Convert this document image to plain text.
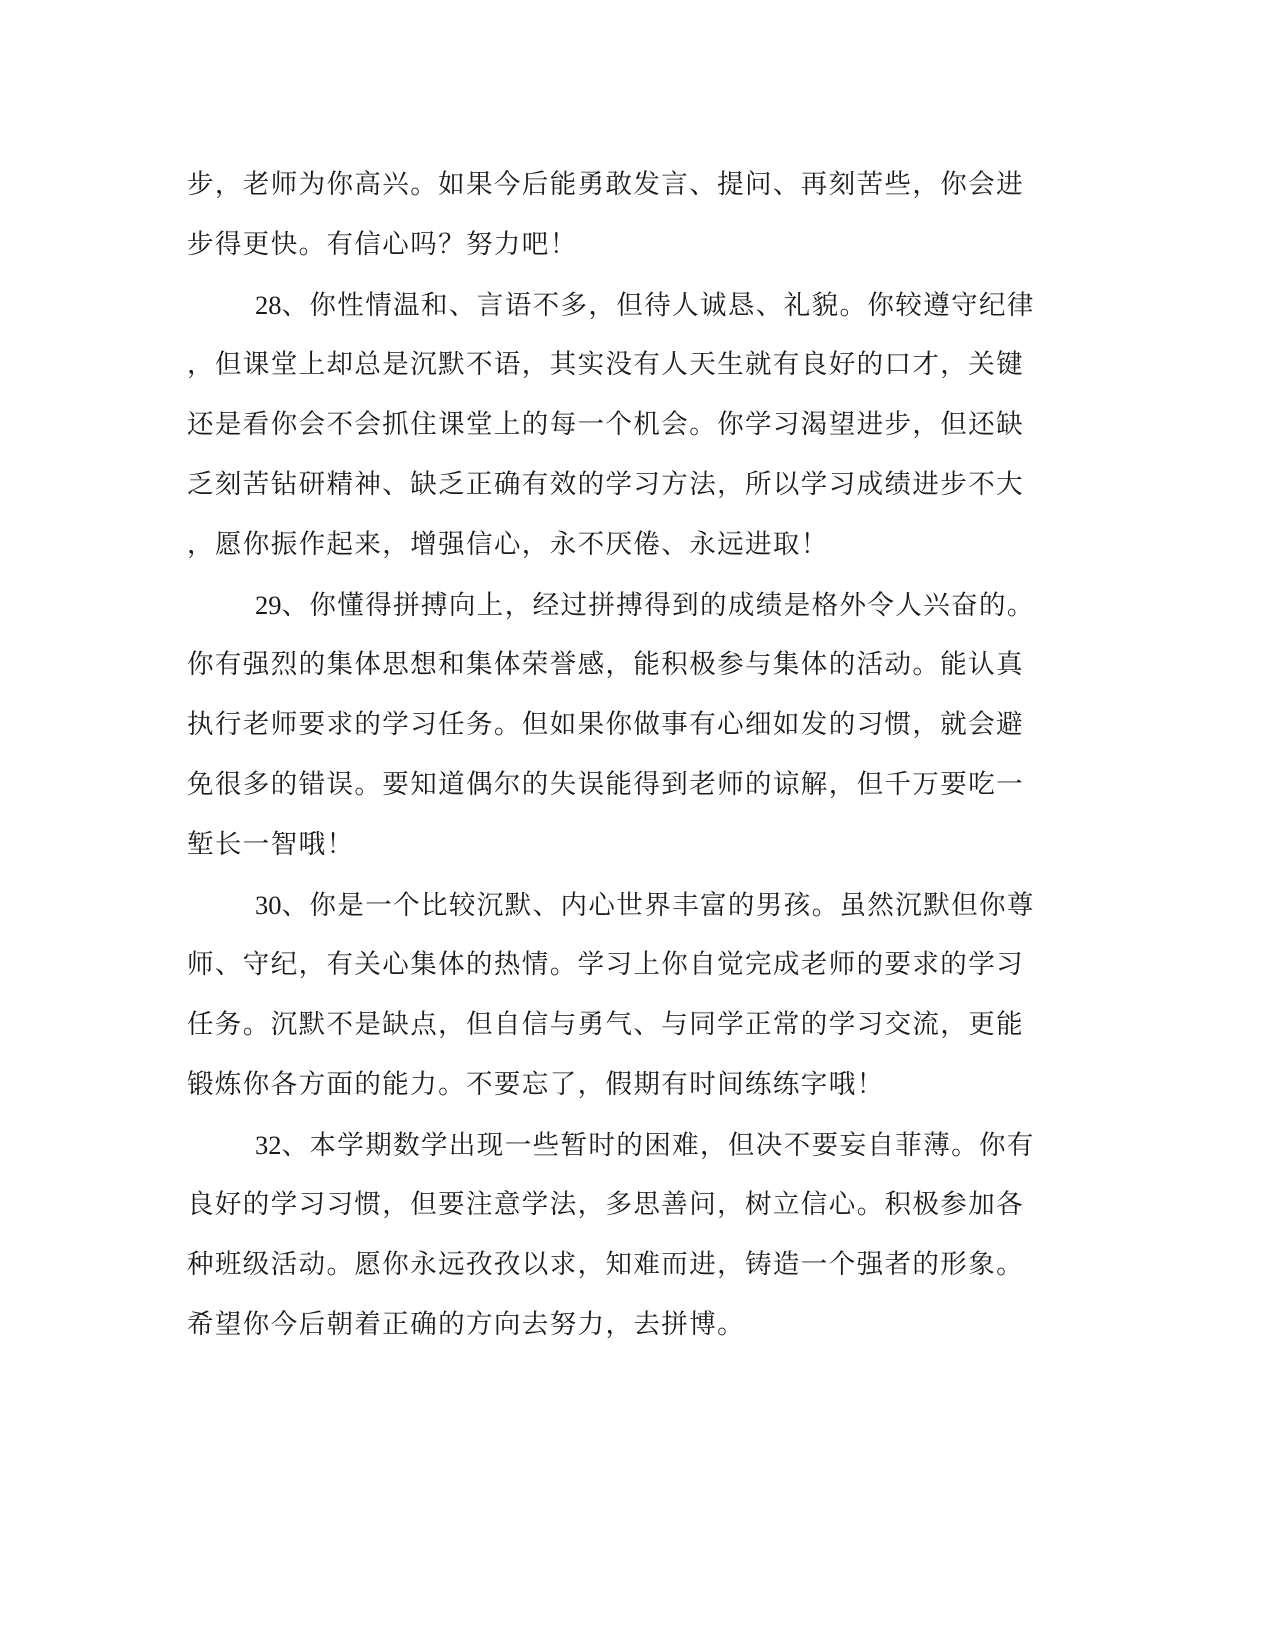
步，老师为你高兴。如果今后能勇敢发言、提问、再刻苦些，你会进
步得更快。有信心吗？努力吧！
28、你性情温和、言语不多，但待人诚恳、礼貌。你较遵守纪律
，但课堂上却总是沉默不语，其实没有人天生就有良好的口才，关键
还是看你会不会抓住课堂上的每一个机会。你学习渴望进步，但还缺
乏刻苦钻研精神、缺乏正确有效的学习方法，所以学习成绩进步不大
，愿你振作起来，增强信心，永不厌倦、永远进取！
29、你懂得拼搏向上，经过拼搏得到的成绩是格外令人兴奋的。
你有强烈的集体思想和集体荣誉感，能积极参与集体的活动。能认真
执行老师要求的学习任务。但如果你做事有心细如发的习惯，就会避
免很多的错误。要知道偶尔的失误能得到老师的谅解，但千万要吃一
堑长一智哦！
30、你是一个比较沉默、内心世界丰富的男孩。虽然沉默但你尊
师、守纪，有关心集体的热情。学习上你自觉完成老师的要求的学习
任务。沉默不是缺点，但自信与勇气、与同学正常的学习交流，更能
锻炼你各方面的能力。不要忘了，假期有时间练练字哦！
32、本学期数学出现一些暂时的困难，但决不要妄自菲薄。你有
良好的学习习惯，但要注意学法，多思善问，树立信心。积极参加各
种班级活动。愿你永远孜孜以求，知难而进，铸造一个强者的形象。
希望你今后朝着正确的方向去努力，去拼博。
